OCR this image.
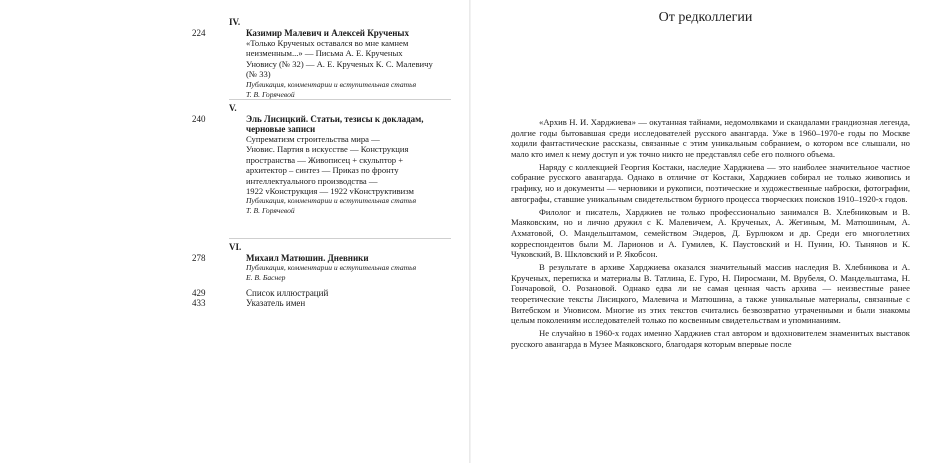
IV.
224	Казимир Малевич и Алексей Крученых
«Только Крученых оставался во мне камнем
неизменным...» — Письма А. Е. Крученых
Уновису (№ 32) — А. Е. Крученых К. С. Малевичу
(№ 33)
Публикация, комментарии и вступительная статья
Т. В. Горячевой
V.
240	Эль Лисицкий. Статьи, тезисы к докладам,
черновые записи
Супрематизм строительства мира —
Уновис. Партия в искусстве — Конструкция
пространства — Живописец + скульптор +
архитектор – синтез — Приказ по фронту
интеллектуального производства —
1922 vКонструкция — 1922 vКонструктивизм
Публикация, комментарии и вступительная статья
Т. В. Горячевой
VI.
278	Михаил Матюшин. Дневники
Публикация, комментарии и вступительная статья
Е. В. Баснер
429	Список иллюстраций
433	Указатель имен
От редколлегии

«Архив Н. И. Харджиева» — окутанная тайнами, недомолвками и скандалами грандиозная легенда, долгие годы бытовавшая среди исследователей русского авангарда. Уже в 1960–1970-е годы по Москве ходили фантастические рассказы, связанные с этим уникальным собранием, о котором все слышали, но мало кто имел к нему доступ и уж точно никто не представлял себе его полного объема.

Наряду с коллекцией Георгия Костаки, наследие Харджиева — это наиболее значительное частное собрание русского авангарда. Однако в отличие от Костаки, Харджиев собирал не только живопись и графику, но и документы — черновики и рукописи, поэтические и художественные наброски, фотографии, автографы, ставшие уникальным свидетельством бурного процесса творческих поисков 1910–1920-х годов.

Филолог и писатель, Харджиев не только профессионально занимался В. Хлебниковым и В. Маяковским, но и лично дружил с К. Малевичем, А. Крученых, А. Жегиным, М. Матюшиным, А. Ахматовой, О. Мандельштамом, семейством Эндеров, Д. Бурлюком и др. Среди его многолетних корреспондентов были М. Ларионов и А. Гумилев, К. Паустовский и Н. Пунин, Ю. Тынянов и К. Чуковский, В. Шкловский и Р. Якобсон.

В результате в архиве Харджиева оказался значительный массив наследия В. Хлебникова и А. Крученых, переписка и материалы В. Татлина, Е. Гуро, Н. Пиросмани, М. Врубеля, О. Мандельштама, Н. Гончаровой, О. Розановой. Однако едва ли не самая ценная часть архива — неизвестные ранее теоретические тексты Лисицкого, Малевича и Матюшина, а также уникальные материалы, связанные с Витебском и Уновисом. Многие из этих текстов считались безвозвратно утраченными и были знакомы целым поколениям исследователей только по косвенным свидетельствам и упоминаниям.

Не случайно в 1960-х годах именно Харджиев стал автором и вдохновителем знаменитых выставок русского авангарда в Музее Маяковского, благодаря которым впервые после
